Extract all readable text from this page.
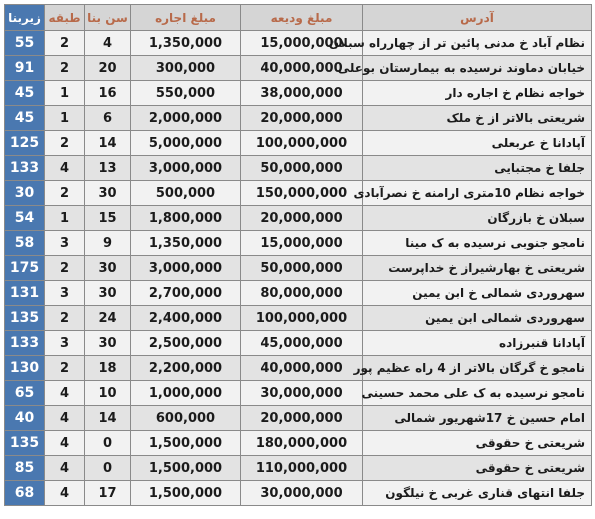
زیربنا	طبقه	سن بنا	مبلغ اجاره	مبلغ ودیعه	آدرس
55	2	4	1,350,000	15,000,000	نظام آباد خ مدنی پائین تر از چهارراه سبلان
91	2	20	300,000	40,000,000	خیابان دماوند نرسیده به بیمارستان بوعلی
45	1	16	550,000	38,000,000	خواجه نظام خ اجاره دار
45	1	6	2,000,000	20,000,000	شریعتی بالاتر از خ ملک
125	2	14	5,000,000	100,000,000	آپادانا خ عربعلی
133	4	13	3,000,000	50,000,000	جلفا خ مجتبایی
30	2	30	500,000	150,000,000	خواجه نظام 10متری ارامنه خ نصرآبادی
54	1	15	1,800,000	20,000,000	سبلان خ بازرگان
58	3	9	1,350,000	15,000,000	نامجو جنوبی نرسیده به ک مینا
175	2	30	3,000,000	50,000,000	شریعتی خ بهارشیراز خ خداپرست
131	3	30	2,700,000	80,000,000	سهروردی شمالی خ ابن یمین
135	2	24	2,400,000	100,000,000	سهروردی شمالی ابن یمین
133	3	30	2,500,000	45,000,000	آپادانا قنبرزاده
130	2	18	2,200,000	40,000,000	نامجو خ گرگان بالاتر از 4 راه عظیم پور
65	4	10	1,000,000	30,000,000	نامجو نرسیده به ک علی محمد حسینی
40	4	14	600,000	20,000,000	امام حسین خ 17شهریور شمالی
135	4	0	1,500,000	180,000,000	شریعتی خ حقوقی
85	4	0	1,500,000	110,000,000	شریعتی خ حقوقی
68	4	17	1,500,000	30,000,000	جلفا انتهای قناری غربی خ نیلگون
